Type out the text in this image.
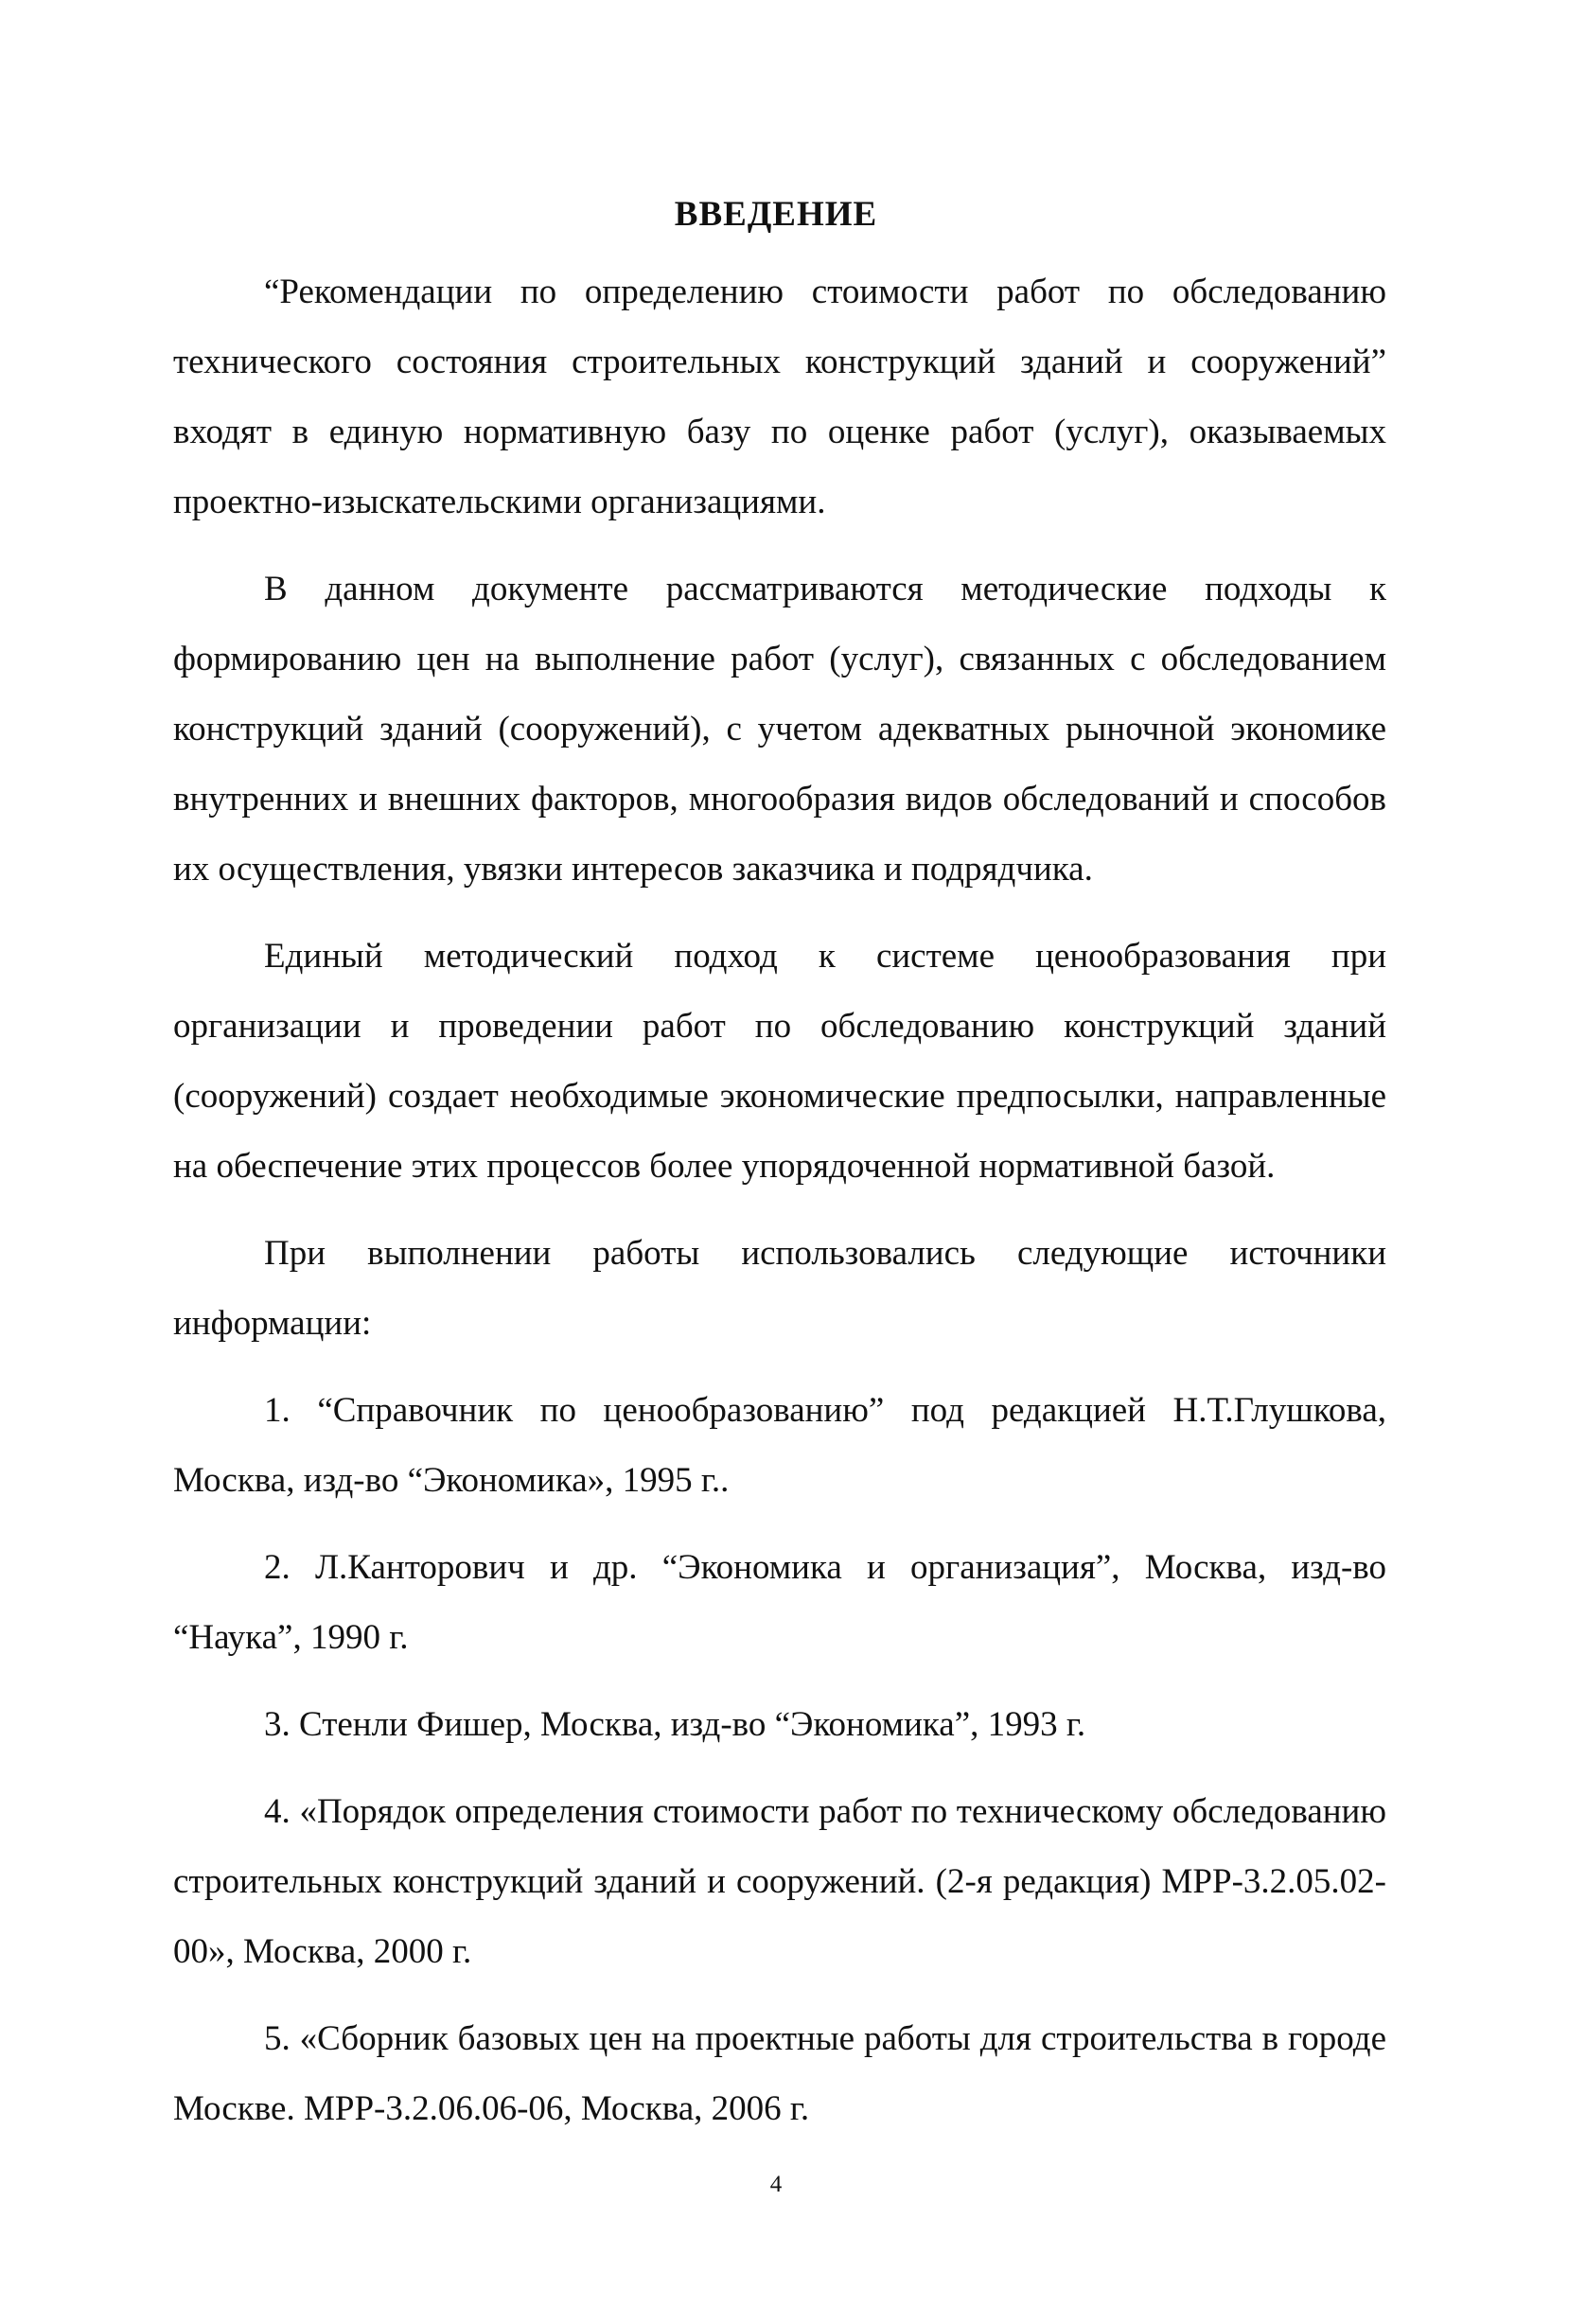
ВВЕДЕНИЕ

“Рекомендации по определению стоимости работ по обследованию технического состояния строительных конструкций зданий и сооружений” входят в единую нормативную базу по оценке работ (услуг), оказываемых проектно-изыскательскими организациями.

В данном документе рассматриваются методические подходы к формированию цен на выполнение работ (услуг), связанных с обследованием конструкций зданий (сооружений), с учетом адекватных рыночной экономике внутренних и внешних факторов, многообразия видов обследований и способов их осуществления, увязки интересов заказчика и подрядчика.

Единый методический подход к системе ценообразования при организации и проведении работ по обследованию конструкций зданий (сооружений) создает необходимые экономические предпосылки, направленные на обеспечение этих процессов более упорядоченной нормативной базой.

При выполнении работы использовались следующие источники информации:

1. “Справочник по ценообразованию” под редакцией Н.Т.Глушкова, Москва, изд-во “Экономика», 1995 г..

2. Л.Канторович и др. “Экономика и организация”, Москва, изд-во “Наука”, 1990 г.

3. Стенли Фишер, Москва, изд-во “Экономика”, 1993 г.

4. «Порядок определения стоимости работ по техническому обследованию строительных конструкций зданий и сооружений. (2-я редакция) МРР-3.2.05.02-00», Москва, 2000 г.

5. «Сборник базовых цен на проектные работы для строительства в городе Москве. МРР-3.2.06.06-06, Москва, 2006 г.

4
